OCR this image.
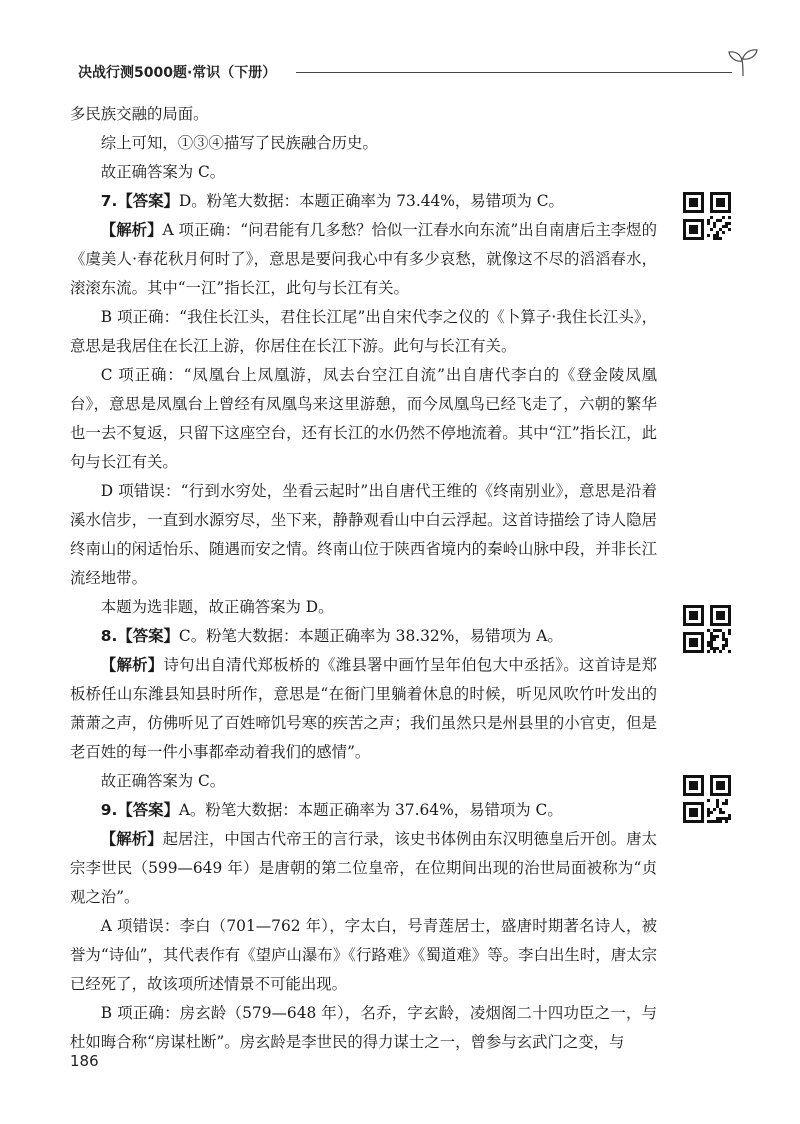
决战行测5000题·常识（下册）

多民族交融的局面。

综上可知，①③④描写了民族融合历史。

故正确答案为 C。

7.【答案】D。粉笔大数据：本题正确率为 73.44%，易错项为 C。

【解析】A 项正确：“问君能有几多愁？恰似一江春水向东流”出自南唐后主李煜的《虞美人·春花秋月何时了》，意思是要问我心中有多少哀愁，就像这不尽的滔滔春水，滚滚东流。其中“一江”指长江，此句与长江有关。

B 项正确：“我住长江头，君住长江尾”出自宋代李之仪的《卜算子·我住长江头》，意思是我居住在长江上游，你居住在长江下游。此句与长江有关。

C 项正确：“凤凰台上凤凰游，凤去台空江自流”出自唐代李白的《登金陵凤凰台》，意思是凤凰台上曾经有凤凰鸟来这里游憩，而今凤凰鸟已经飞走了，六朝的繁华也一去不复返，只留下这座空台，还有长江的水仍然不停地流着。其中“江”指长江，此句与长江有关。

D 项错误：“行到水穷处，坐看云起时”出自唐代王维的《终南别业》，意思是沿着溪水信步，一直到水源穷尽，坐下来，静静观看山中白云浮起。这首诗描绘了诗人隐居终南山的闲适怡乐、随遇而安之情。终南山位于陕西省境内的秦岭山脉中段，并非长江流经地带。

本题为选非题，故正确答案为 D。

8.【答案】C。粉笔大数据：本题正确率为 38.32%，易错项为 A。

【解析】诗句出自清代郑板桥的《潍县署中画竹呈年伯包大中丞括》。这首诗是郑板桥任山东潍县知县时所作，意思是“在衙门里躺着休息的时候，听见风吹竹叶发出的萧萧之声，仿佛听见了百姓啼饥号寒的疾苦之声；我们虽然只是州县里的小官吏，但是老百姓的每一件小事都牵动着我们的感情”。

故正确答案为 C。

9.【答案】A。粉笔大数据：本题正确率为 37.64%，易错项为 C。

【解析】起居注，中国古代帝王的言行录，该史书体例由东汉明德皇后开创。唐太宗李世民（599—649 年）是唐朝的第二位皇帝，在位期间出现的治世局面被称为“贞观之治”。

A 项错误：李白（701—762 年），字太白，号青莲居士，盛唐时期著名诗人，被誉为“诗仙”，其代表作有《望庐山瀑布》《行路难》《蜀道难》等。李白出生时，唐太宗已经死了，故该项所述情景不可能出现。

B 项正确：房玄龄（579—648 年），名乔，字玄龄，凌烟阁二十四功臣之一，与杜如晦合称“房谋杜断”。房玄龄是李世民的得力谋士之一，曾参与玄武门之变，与

186
